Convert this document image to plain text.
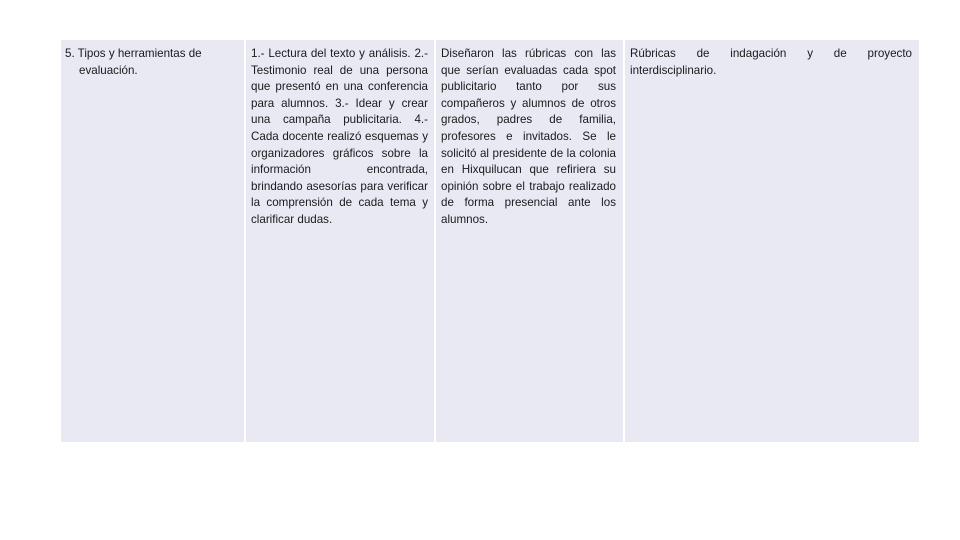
5. Tipos y herramientas de evaluación.

1.- Lectura del texto y análisis. 2.-Testimonio real de una persona que presentó en una conferencia para alumnos. 3.- Idear y crear una campaña publicitaria. 4.- Cada docente realizó esquemas y organizadores gráficos sobre la información encontrada, brindando asesorías para verificar la comprensión de cada tema y clarificar dudas.

Diseñaron las rúbricas con las que serían evaluadas cada spot publicitario tanto por sus compañeros y alumnos de otros grados, padres de familia, profesores e invitados. Se le solicitó al presidente de la colonia en Hixquilucan que refiriera su opinión sobre el trabajo realizado de forma presencial ante los alumnos.

Rúbricas de indagación y de proyecto interdisciplinario.
